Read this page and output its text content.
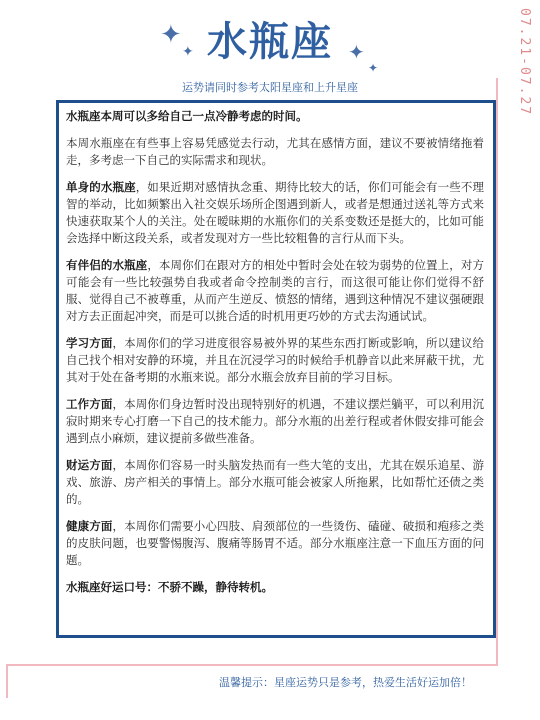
✦
✦	✦
✦
水瓶座
运势请同时参考太阳星座和上升星座	07.21-07.27

水瓶座本周可以多给自己一点冷静考虑的时间。

本周水瓶座在有些事上容易凭感觉去行动，尤其在感情方面，建议不要被情绪拖着走，多考虑一下自己的实际需求和现状。

单身的水瓶座，如果近期对感情执念重、期待比较大的话，你们可能会有一些不理智的举动，比如频繁出入社交娱乐场所企图遇到新人，或者是想通过送礼等方式来快速获取某个人的关注。处在暧昧期的水瓶你们的关系变数还是挺大的，比如可能会选择中断这段关系，或者发现对方一些比较粗鲁的言行从而下头。

有伴侣的水瓶座，本周你们在跟对方的相处中暂时会处在较为弱势的位置上，对方可能会有一些比较强势自我或者命令控制类的言行，而这很可能让你们觉得不舒服、觉得自己不被尊重，从而产生逆反、愤怒的情绪，遇到这种情况不建议强硬跟对方去正面起冲突，而是可以挑合适的时机用更巧妙的方式去沟通试试。

学习方面，本周你们的学习进度很容易被外界的某些东西打断或影响，所以建议给自己找个相对安静的环境，并且在沉浸学习的时候给手机静音以此来屏蔽干扰，尤其对于处在备考期的水瓶来说。部分水瓶会放弃目前的学习目标。

工作方面，本周你们身边暂时没出现特别好的机遇，不建议摆烂躺平，可以利用沉寂时期来专心打磨一下自己的技术能力。部分水瓶的出差行程或者休假安排可能会遇到点小麻烦，建议提前多做些准备。

财运方面，本周你们容易一时头脑发热而有一些大笔的支出，尤其在娱乐追星、游戏、旅游、房产相关的事情上。部分水瓶可能会被家人所拖累，比如帮忙还债之类的。

健康方面，本周你们需要小心四肢、肩颈部位的一些烫伤、磕碰、破损和疱疹之类的皮肤问题，也要警惕腹泻、腹痛等肠胃不适。部分水瓶座注意一下血压方面的问题。

水瓶座好运口号：不骄不躁，静待转机。

温馨提示：星座运势只是参考，热爱生活好运加倍！
